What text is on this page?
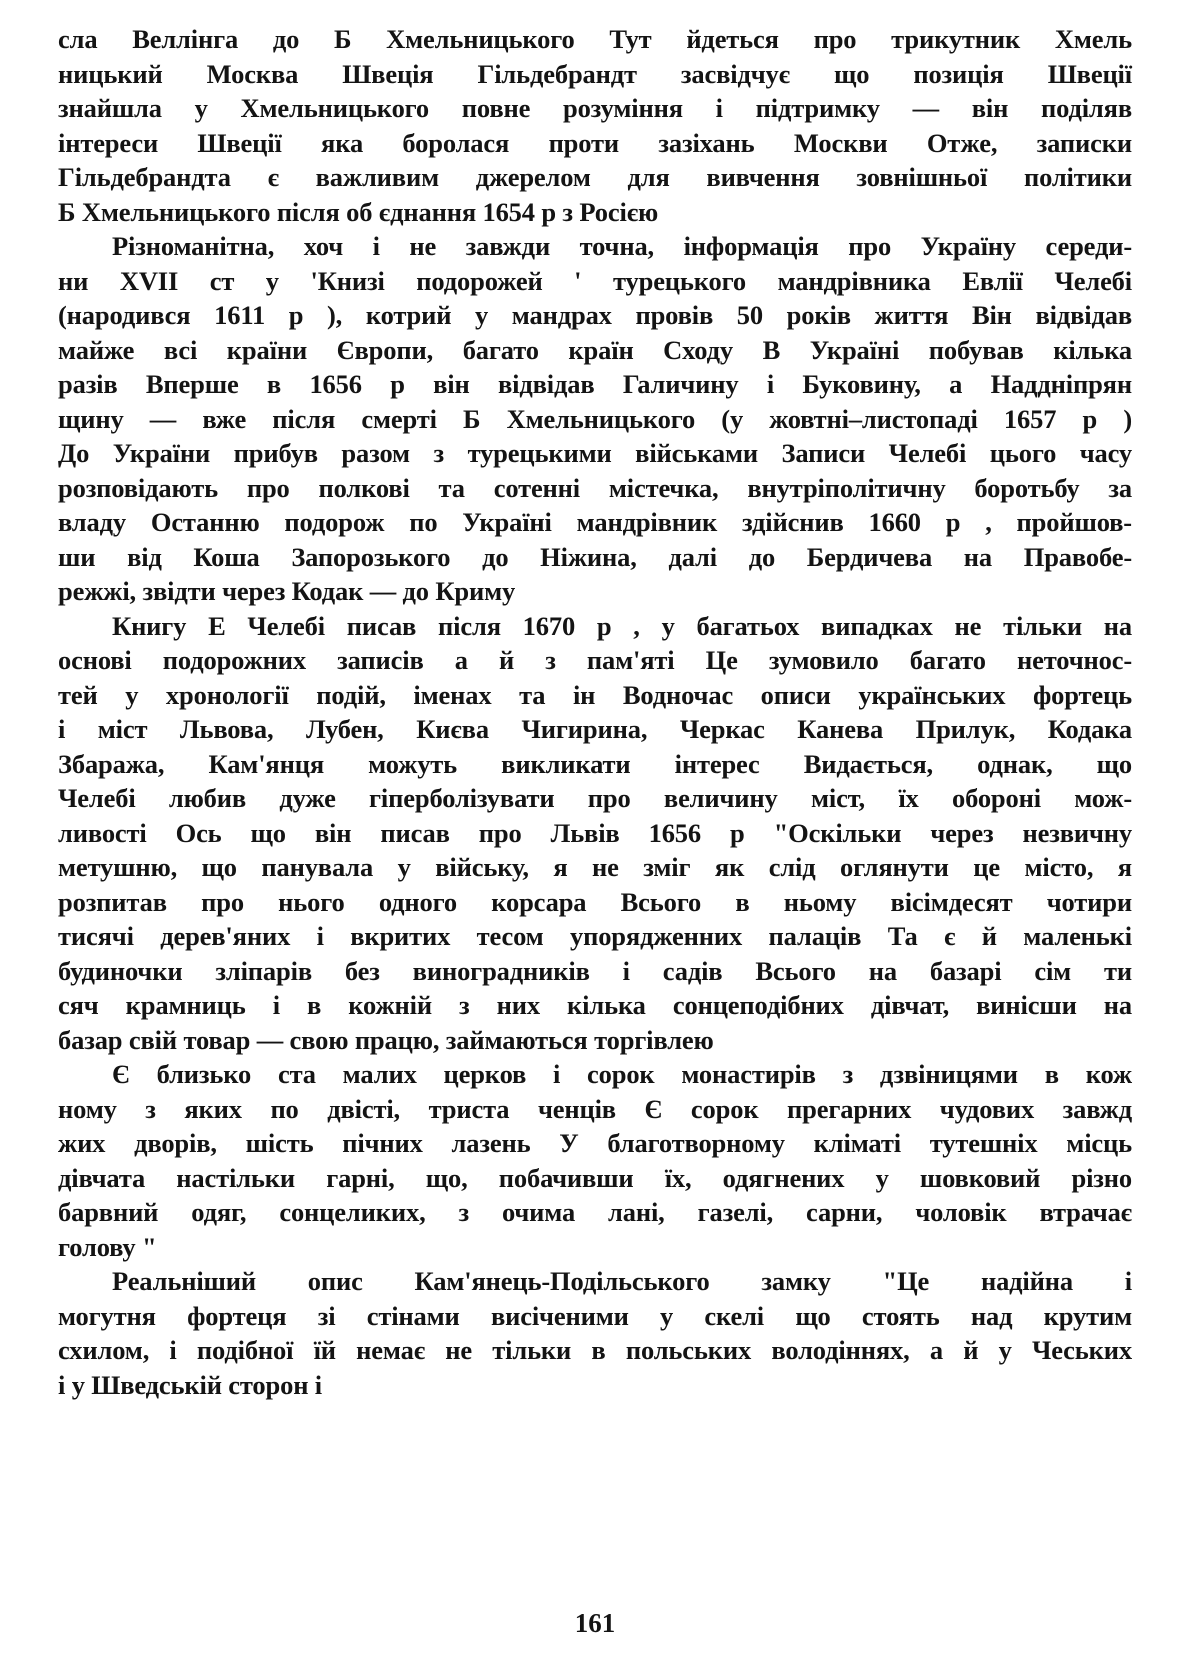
сла Веллінга до Б Хмельницького Тут йдеться про трикутник Хмель
ницький Москва Швеція Гільдебрандт засвідчує що позиція Швеції
знайшла у Хмельницького повне розуміння і підтримку — він поділяв
інтереси Швеції яка боролася проти зазіхань Москви Отже, записки
Гільдебрандта є важливим джерелом для вивчення зовнішньої політики
Б Хмельницького після об єднання 1654 р з Росією
Різноманітна, хоч і не завжди точна, інформація про Україну середи-
ни XVII ст у 'Книзі подорожей ' турецького мандрівника Евлії Челебі
(народився 1611 р ), котрий у мандрах провів 50 років життя Він відвідав
майже всі країни Європи, багато країн Сходу В Україні побував кілька
разів Вперше в 1656 р він відвідав Галичину і Буковину, а Наддніпрян
щину — вже після смерті Б Хмельницького (у жовтні–листопаді 1657 р )
До України прибув разом з турецькими військами Записи Челебі цього часу
розповідають про полкові та сотенні містечка, внутріполітичну боротьбу за
владу Останню подорож по Україні мандрівник здійснив 1660 р , пройшов-
ши від Коша Запорозького до Ніжина, далі до Бердичева на Правобе-
режжі, звідти через Кодак — до Криму
Книгу Е Челебі писав після 1670 р , у багатьох випадках не тільки на
основі подорожних записів а й з пам'яті Це зумовило багато неточнос-
тей у хронології подій, іменах та ін Водночас описи українських фортець
і міст Львова, Лубен, Києва Чигирина, Черкас Канева Прилук, Кодака
Збаража, Кам'янця можуть викликати інтерес Видається, однак, що
Челебі любив дуже гіперболізувати про величину міст, їх обороні мож-
ливості Ось що він писав про Львів 1656 р "Оскільки через незвичну
метушню, що панувала у війську, я не зміг як слід оглянути це місто, я
розпитав про нього одного корсара Всього в ньому вісімдесят чотири
тисячі дерев'яних і вкритих тесом упорядженних палаців Та є й маленькі
будиночки зліпарів без виноградників і садів Всього на базарі сім ти
сяч крамниць і в кожній з них кілька сонцеподібних дівчат, винісши на
базар свій товар — свою працю, займаються торгівлею
Є близько ста малих церков і сорок монастирів з дзвіницями в кож
ному з яких по двісті, триста ченців Є сорок прегарних чудових завжд
жих дворів, шість пічних лазень У благотворному кліматі тутешніх місць
дівчата настільки гарні, що, побачивши їх, одягнених у шовковий різно
барвний одяг, сонцеликих, з очима лані, газелі, сарни, чоловік втрачає
голову "
Реальніший опис Кам'янець-Подільського замку "Це надійна і
могутня фортеця зі стінами висіченими у скелі що стоять над крутим
схилом, і подібної їй немає не тільки в польських володіннях, а й у Чеських
і у Шведській сторон і
161
